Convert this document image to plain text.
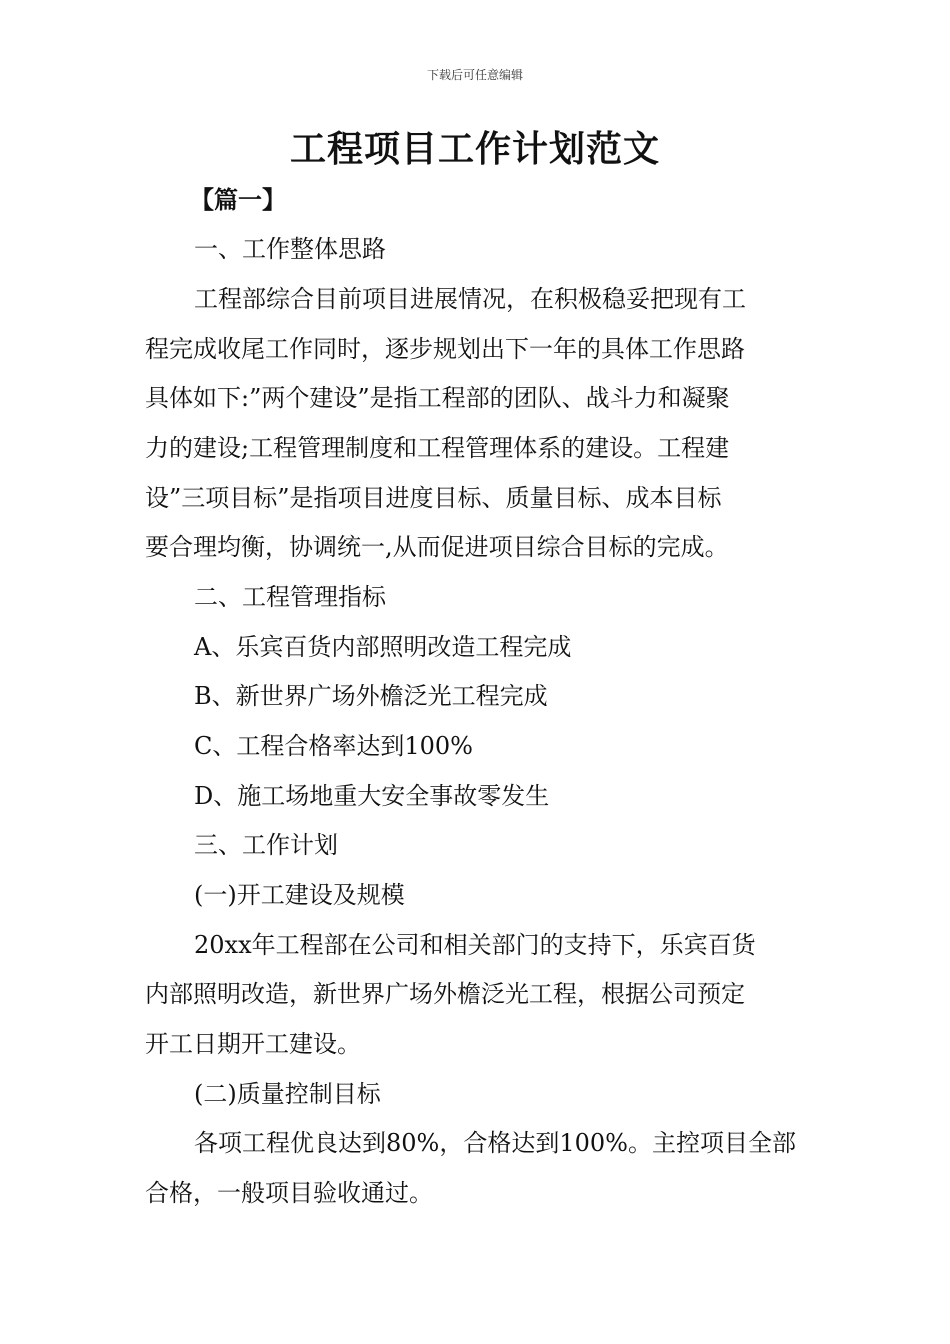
下载后可任意编辑
工程项目工作计划范文

【篇一】

一、工作整体思路

工程部综合目前项目进展情况，在积极稳妥把现有工

程完成收尾工作同时，逐步规划出下一年的具体工作思路

具体如下:”两个建设”是指工程部的团队、战斗力和凝聚

力的建设;工程管理制度和工程管理体系的建设。工程建

设”三项目标”是指项目进度目标、质量目标、成本目标

要合理均衡，协调统一,从而促进项目综合目标的完成。

二、工程管理指标

A、乐宾百货内部照明改造工程完成

B、新世界广场外檐泛光工程完成

C、工程合格率达到100%

D、施工场地重大安全事故零发生

三、工作计划

(一)开工建设及规模

20xx年工程部在公司和相关部门的支持下，乐宾百货

内部照明改造，新世界广场外檐泛光工程，根据公司预定

开工日期开工建设。

(二)质量控制目标

各项工程优良达到80%，合格达到100%。主控项目全部

合格，一般项目验收通过。
